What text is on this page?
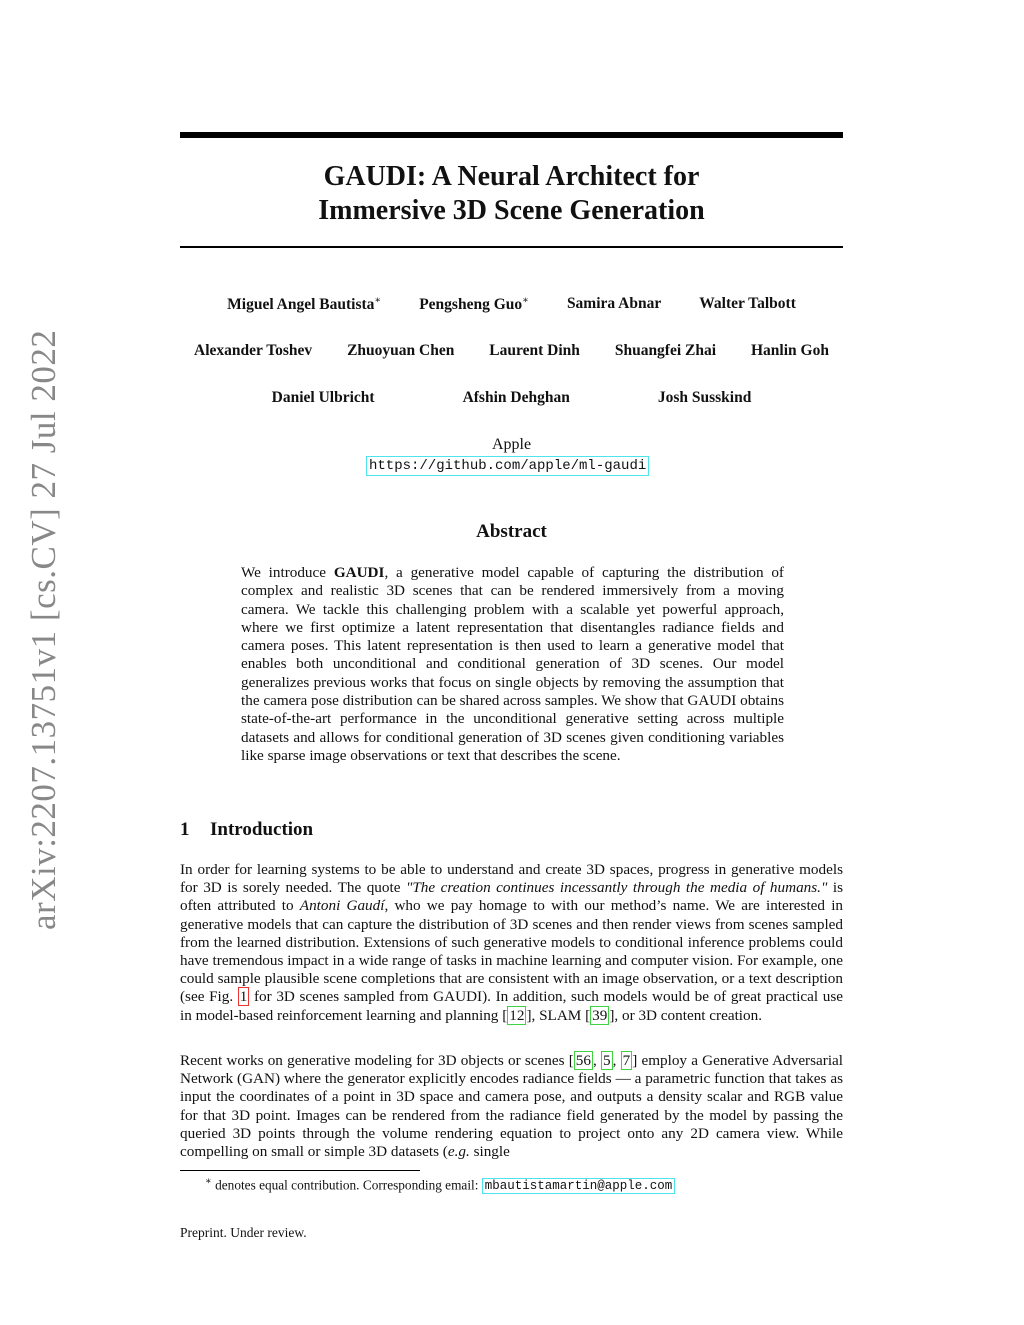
arXiv:2207.13751v1 [cs.CV] 27 Jul 2022
GAUDI: A Neural Architect for
Immersive 3D Scene Generation
Miguel Angel Bautista∗ Pengsheng Guo∗ Samira Abnar Walter Talbott
Alexander Toshev Zhuoyuan Chen Laurent Dinh Shuangfei Zhai Hanlin Goh
Daniel Ulbricht	Afshin Dehghan	Josh Susskind
Apple
https://github.com/apple/ml-gaudi
Abstract

We introduce GAUDI, a generative model capable of capturing the distribution of complex and realistic 3D scenes that can be rendered immersively from a moving camera. We tackle this challenging problem with a scalable yet powerful approach, where we first optimize a latent representation that disentangles radiance fields and camera poses. This latent representation is then used to learn a generative model that enables both unconditional and conditional generation of 3D scenes. Our model generalizes previous works that focus on single objects by removing the assumption that the camera pose distribution can be shared across samples. We show that GAUDI obtains state-of-the-art performance in the unconditional generative setting across multiple datasets and allows for conditional generation of 3D scenes given conditioning variables like sparse image observations or text that describes the scene.

1 Introduction

In order for learning systems to be able to understand and create 3D spaces, progress in generative models for 3D is sorely needed. The quote "The creation continues incessantly through the media of humans." is often attributed to Antoni Gaudí, who we pay homage to with our method’s name. We are interested in generative models that can capture the distribution of 3D scenes and then render views from scenes sampled from the learned distribution. Extensions of such generative models to conditional inference problems could have tremendous impact in a wide range of tasks in machine learning and computer vision. For example, one could sample plausible scene completions that are consistent with an image observation, or a text description (see Fig. 1 for 3D scenes sampled from GAUDI). In addition, such models would be of great practical use in model-based reinforcement learning and planning [ 12 ], SLAM [ 39 ], or 3D content creation.

Recent works on generative modeling for 3D objects or scenes [ 56 , 5 , 7 ] employ a Generative Adversarial Network (GAN) where the generator explicitly encodes radiance fields — a parametric function that takes as input the coordinates of a point in 3D space and camera pose, and outputs a density scalar and RGB value for that 3D point. Images can be rendered from the radiance field generated by the model by passing the queried 3D points through the volume rendering equation to project onto any 2D camera view. While compelling on small or simple 3D datasets (e.g. single

∗ denotes equal contribution. Corresponding email: mbautistamartin@apple.com
Preprint. Under review.
